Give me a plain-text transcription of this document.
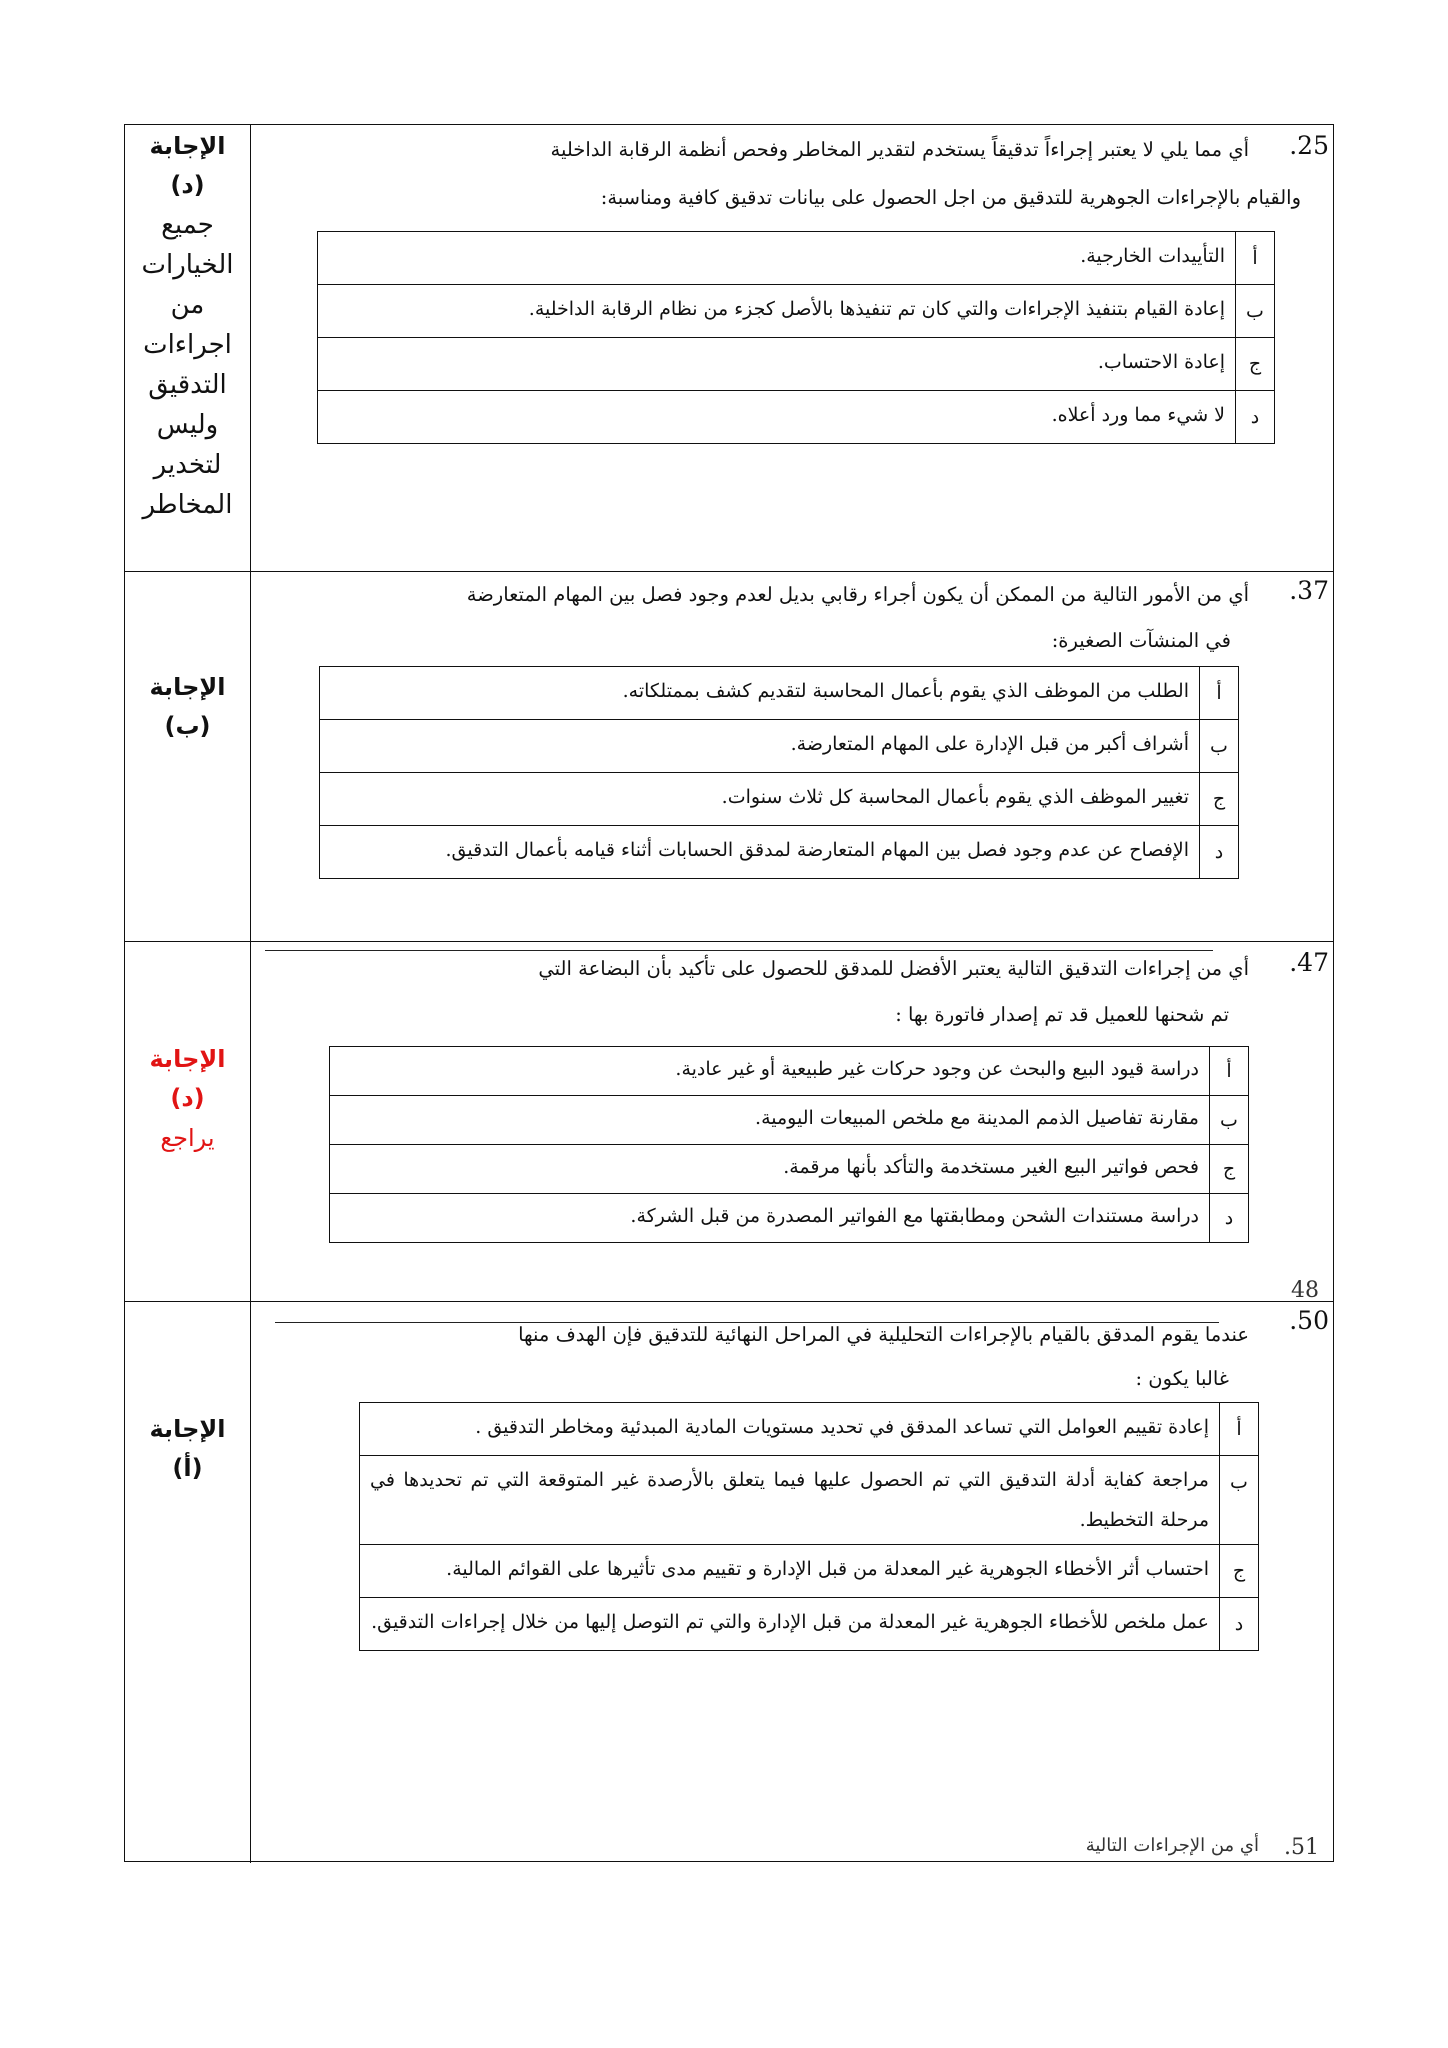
الإجابة
(د)
جميع
الخيارات
من
اجراءات
التدقيق
وليس
لتخدير
المخاطر
.25
أي مما يلي لا يعتبر إجراءاً تدقيقاً يستخدم لتقدير المخاطر وفحص أنظمة الرقابة الداخلية
والقيام بالإجراءات الجوهرية للتدقيق من اجل الحصول على بيانات تدقيق كافية ومناسبة:
أ	التأييدات الخارجية.
ب	إعادة القيام بتنفيذ الإجراءات والتي كان تم تنفيذها بالأصل كجزء من نظام الرقابة الداخلية.
ج	إعادة الاحتساب.
د	لا شيء مما ورد أعلاه.
الإجابة
(ب)
.37
أي من الأمور التالية من الممكن أن يكون أجراء رقابي بديل لعدم وجود فصل بين المهام المتعارضة
في المنشآت الصغيرة:
أ	الطلب من الموظف الذي يقوم بأعمال المحاسبة لتقديم كشف بممتلكاته.
ب	أشراف أكبر من قبل الإدارة على المهام المتعارضة.
ج	تغيير الموظف الذي يقوم بأعمال المحاسبة كل ثلاث سنوات.
د	الإفصاح عن عدم وجود فصل بين المهام المتعارضة لمدقق الحسابات أثناء قيامه بأعمال التدقيق.
الإجابة
(د)
يراجع
.47
أي من إجراءات التدقيق التالية يعتبر الأفضل للمدقق للحصول على تأكيد بأن البضاعة التي
تم شحنها للعميل قد تم إصدار فاتورة بها :
أ	دراسة قيود البيع والبحث عن وجود حركات غير طبيعية أو غير عادية.
ب	مقارنة تفاصيل الذمم المدينة مع ملخص المبيعات اليومية.
ج	فحص فواتير البيع الغير مستخدمة والتأكد بأنها مرقمة.
د	دراسة مستندات الشحن ومطابقتها مع الفواتير المصدرة من قبل الشركة.
48
الإجابة
(أ)
.50
عندما يقوم المدقق بالقيام بالإجراءات التحليلية في المراحل النهائية للتدقيق فإن الهدف منها
غالبا يكون :
أ	إعادة تقييم العوامل التي تساعد المدقق في تحديد مستويات المادية المبدئية ومخاطر التدقيق .
ب	مراجعة كفاية أدلة التدقيق التي تم الحصول عليها فيما يتعلق بالأرصدة غير المتوقعة التي تم تحديدها في مرحلة التخطيط.
ج	احتساب أثر الأخطاء الجوهرية غير المعدلة من قبل الإدارة و تقييم مدى تأثيرها على القوائم المالية.
د	عمل ملخص للأخطاء الجوهرية غير المعدلة من قبل الإدارة والتي تم التوصل إليها من خلال إجراءات التدقيق.
.51
أي من الإجراءات التالية
